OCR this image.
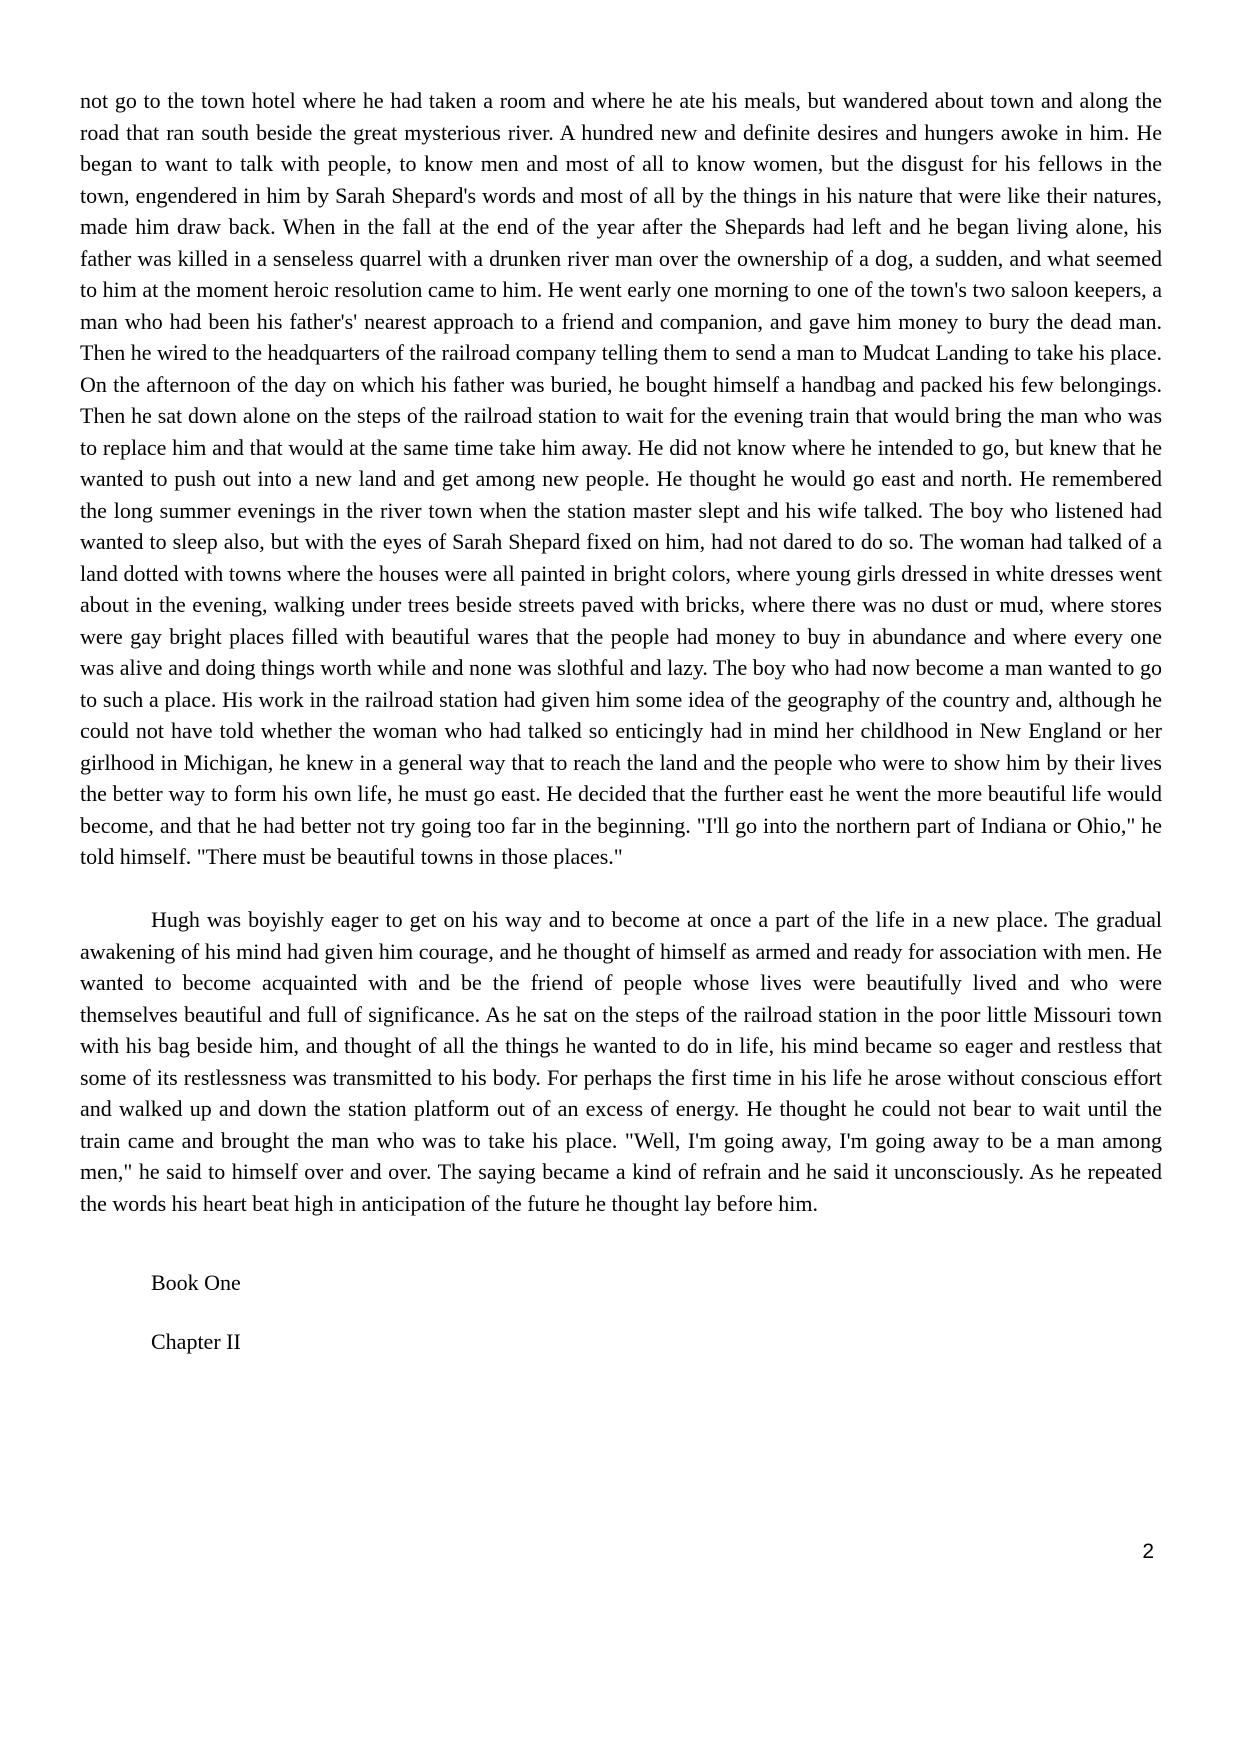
not go to the town hotel where he had taken a room and where he ate his meals, but wandered about town and along the road that ran south beside the great mysterious river. A hundred new and definite desires and hungers awoke in him. He began to want to talk with people, to know men and most of all to know women, but the disgust for his fellows in the town, engendered in him by Sarah Shepard's words and most of all by the things in his nature that were like their natures, made him draw back. When in the fall at the end of the year after the Shepards had left and he began living alone, his father was killed in a senseless quarrel with a drunken river man over the ownership of a dog, a sudden, and what seemed to him at the moment heroic resolution came to him. He went early one morning to one of the town's two saloon keepers, a man who had been his father's' nearest approach to a friend and companion, and gave him money to bury the dead man. Then he wired to the headquarters of the railroad company telling them to send a man to Mudcat Landing to take his place. On the afternoon of the day on which his father was buried, he bought himself a handbag and packed his few belongings. Then he sat down alone on the steps of the railroad station to wait for the evening train that would bring the man who was to replace him and that would at the same time take him away. He did not know where he intended to go, but knew that he wanted to push out into a new land and get among new people. He thought he would go east and north. He remembered the long summer evenings in the river town when the station master slept and his wife talked. The boy who listened had wanted to sleep also, but with the eyes of Sarah Shepard fixed on him, had not dared to do so. The woman had talked of a land dotted with towns where the houses were all painted in bright colors, where young girls dressed in white dresses went about in the evening, walking under trees beside streets paved with bricks, where there was no dust or mud, where stores were gay bright places filled with beautiful wares that the people had money to buy in abundance and where every one was alive and doing things worth while and none was slothful and lazy. The boy who had now become a man wanted to go to such a place. His work in the railroad station had given him some idea of the geography of the country and, although he could not have told whether the woman who had talked so enticingly had in mind her childhood in New England or her girlhood in Michigan, he knew in a general way that to reach the land and the people who were to show him by their lives the better way to form his own life, he must go east. He decided that the further east he went the more beautiful life would become, and that he had better not try going too far in the beginning. "I'll go into the northern part of Indiana or Ohio," he told himself. "There must be beautiful towns in those places."

Hugh was boyishly eager to get on his way and to become at once a part of the life in a new place. The gradual awakening of his mind had given him courage, and he thought of himself as armed and ready for association with men. He wanted to become acquainted with and be the friend of people whose lives were beautifully lived and who were themselves beautiful and full of significance. As he sat on the steps of the railroad station in the poor little Missouri town with his bag beside him, and thought of all the things he wanted to do in life, his mind became so eager and restless that some of its restlessness was transmitted to his body. For perhaps the first time in his life he arose without conscious effort and walked up and down the station platform out of an excess of energy. He thought he could not bear to wait until the train came and brought the man who was to take his place. "Well, I'm going away, I'm going away to be a man among men," he said to himself over and over. The saying became a kind of refrain and he said it unconsciously. As he repeated the words his heart beat high in anticipation of the future he thought lay before him.

Book One

Chapter II

2
